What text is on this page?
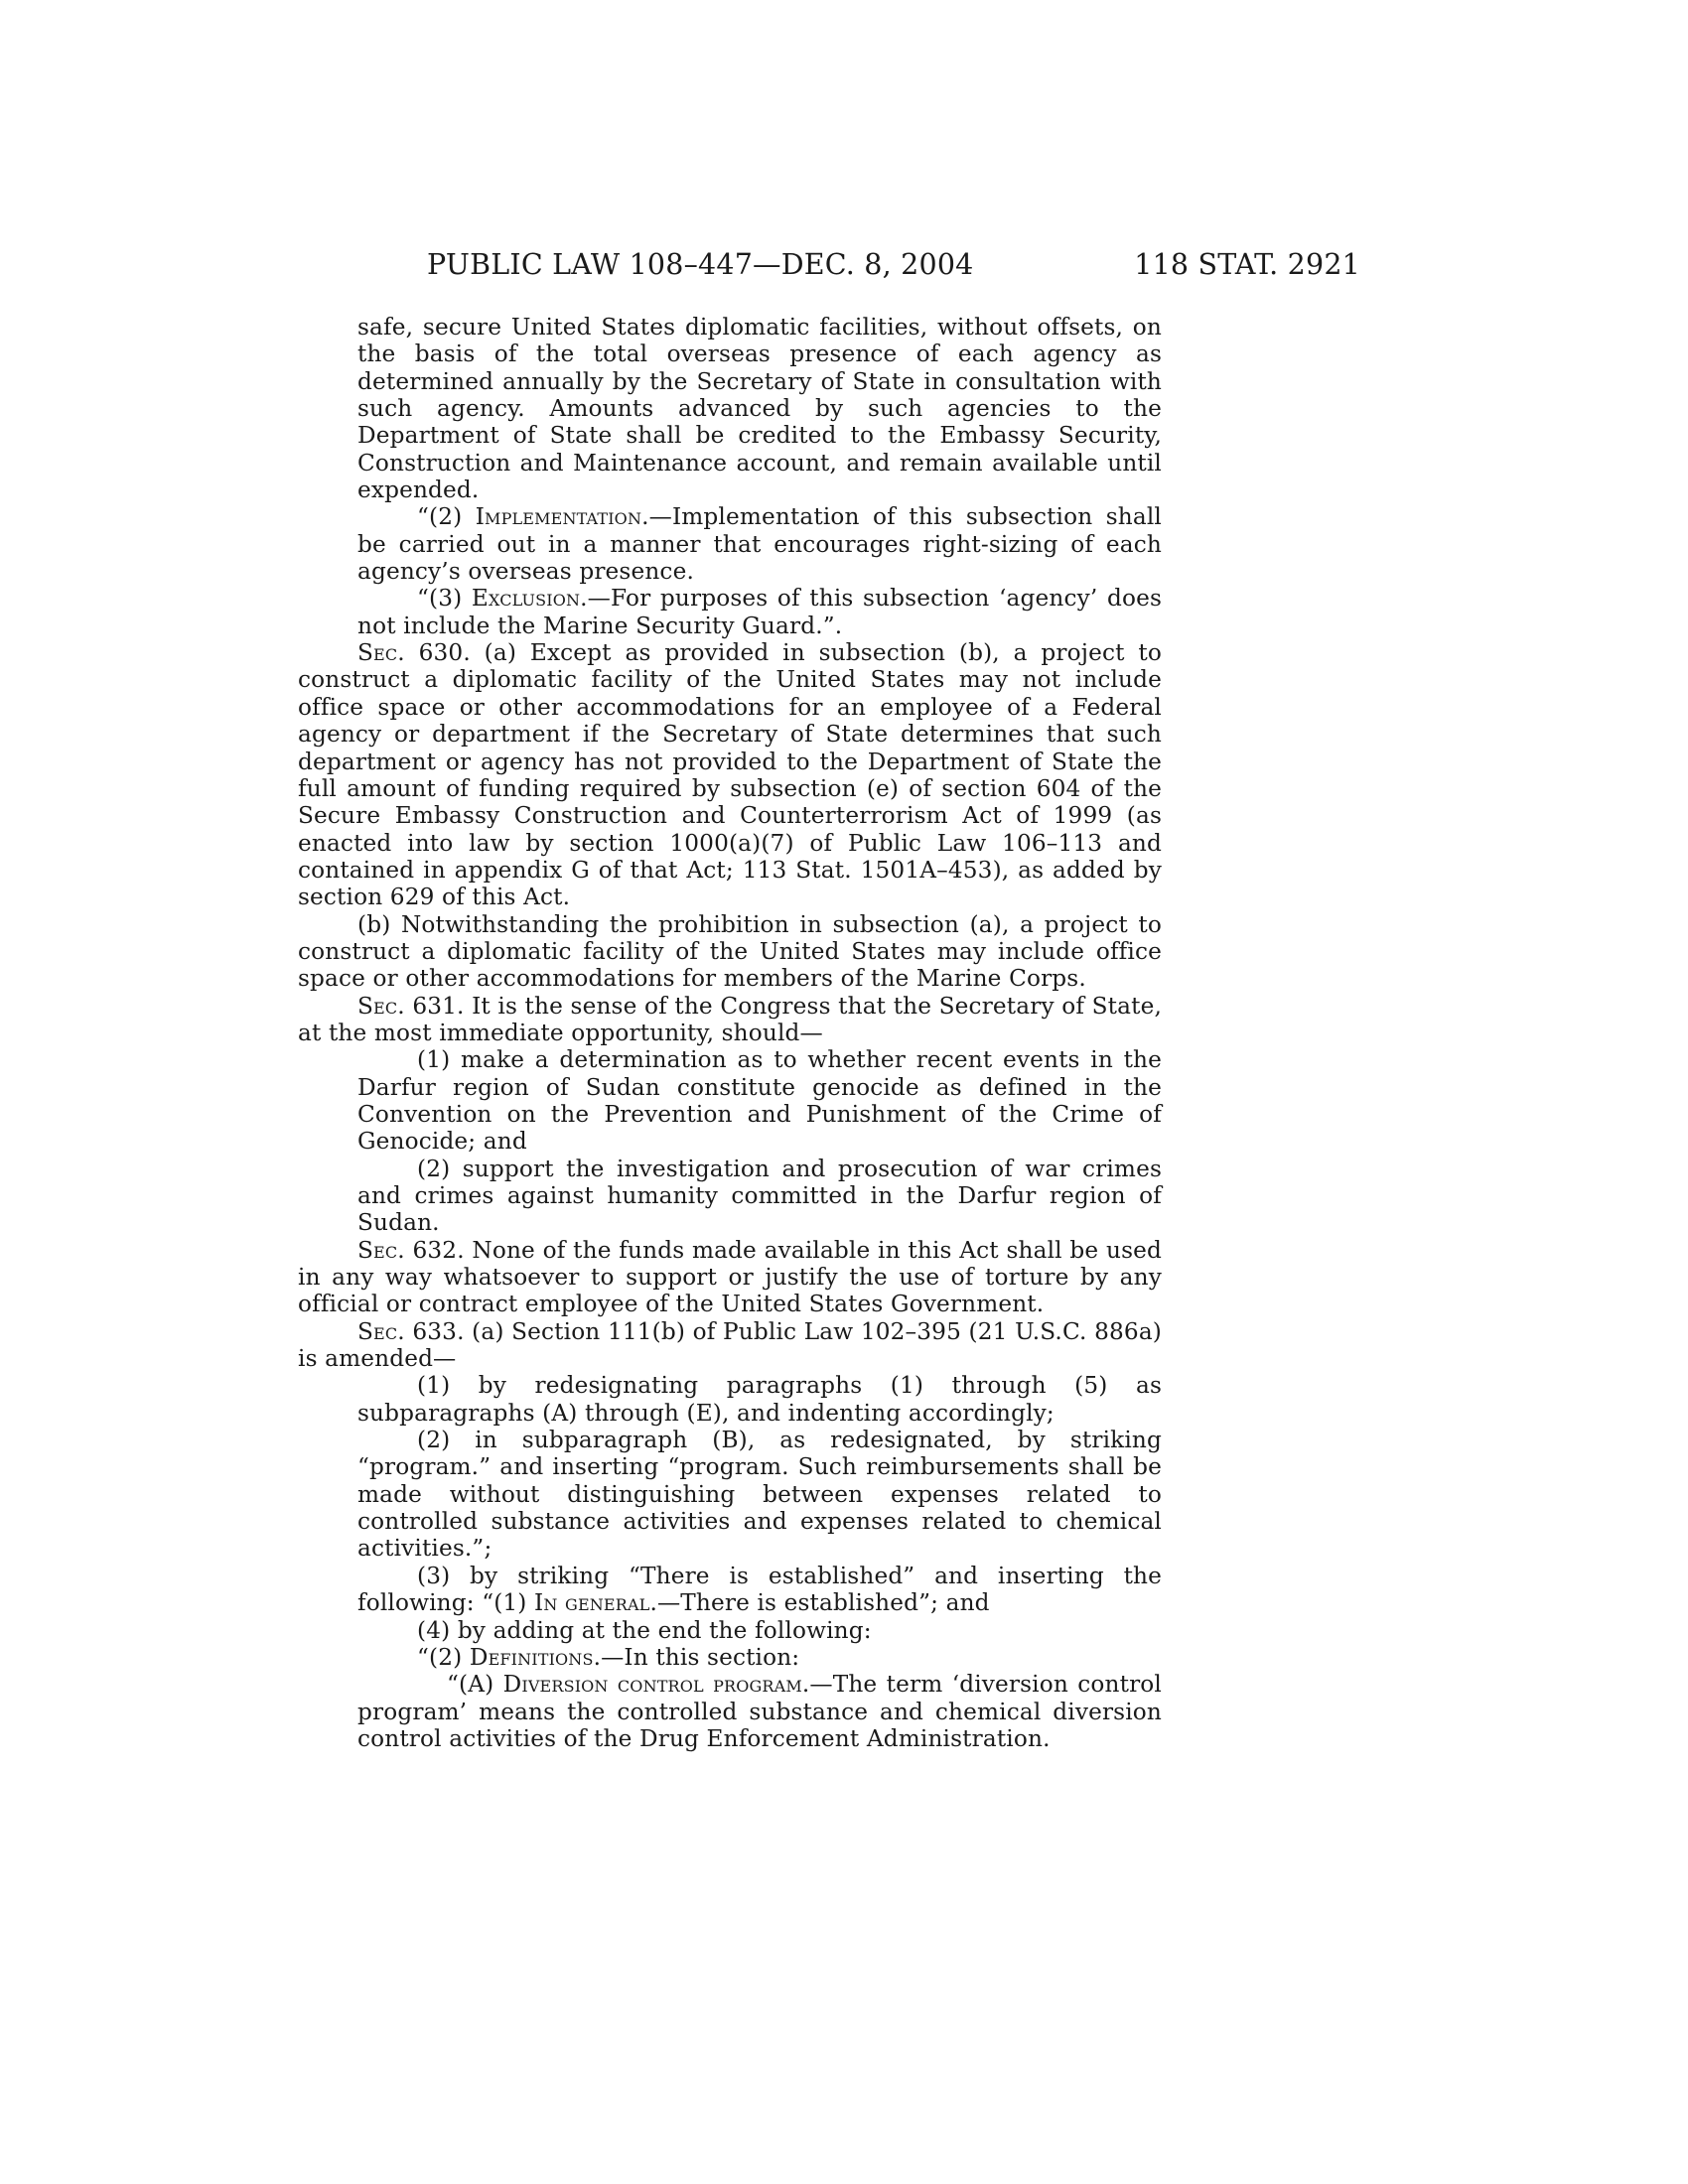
PUBLIC LAW 108–447—DEC. 8, 2004	118 STAT. 2921

safe, secure United States diplomatic facilities, without offsets, on the basis of the total overseas presence of each agency as determined annually by the Secretary of State in consultation with such agency. Amounts advanced by such agencies to the Department of State shall be credited to the Embassy Security, Construction and Maintenance account, and remain available until expended.

“(2) Implementation.—Implementation of this subsection shall be carried out in a manner that encourages right-sizing of each agency’s overseas presence.

“(3) Exclusion.—For purposes of this subsection ‘agency’ does not include the Marine Security Guard.”.

Sec. 630. (a) Except as provided in subsection (b), a project to construct a diplomatic facility of the United States may not include office space or other accommodations for an employee of a Federal agency or department if the Secretary of State determines that such department or agency has not provided to the Department of State the full amount of funding required by subsection (e) of section 604 of the Secure Embassy Construction and Counterterrorism Act of 1999 (as enacted into law by section 1000(a)(7) of Public Law 106–113 and contained in appendix G of that Act; 113 Stat. 1501A–453), as added by section 629 of this Act.

(b) Notwithstanding the prohibition in subsection (a), a project to construct a diplomatic facility of the United States may include office space or other accommodations for members of the Marine Corps.

Sec. 631. It is the sense of the Congress that the Secretary of State, at the most immediate opportunity, should—

(1) make a determination as to whether recent events in the Darfur region of Sudan constitute genocide as defined in the Convention on the Prevention and Punishment of the Crime of Genocide; and

(2) support the investigation and prosecution of war crimes and crimes against humanity committed in the Darfur region of Sudan.

Sec. 632. None of the funds made available in this Act shall be used in any way whatsoever to support or justify the use of torture by any official or contract employee of the United States Government.

Sec. 633. (a) Section 111(b) of Public Law 102–395 (21 U.S.C. 886a) is amended—

(1) by redesignating paragraphs (1) through (5) as subparagraphs (A) through (E), and indenting accordingly;

(2) in subparagraph (B), as redesignated, by striking “program.” and inserting “program. Such reimbursements shall be made without distinguishing between expenses related to controlled substance activities and expenses related to chemical activities.”;

(3) by striking “There is established” and inserting the following: “(1) In general.—There is established”; and

(4) by adding at the end the following:

“(2) Definitions.—In this section:

“(A) Diversion control program.—The term ‘diversion control program’ means the controlled substance and chemical diversion control activities of the Drug Enforcement Administration.
